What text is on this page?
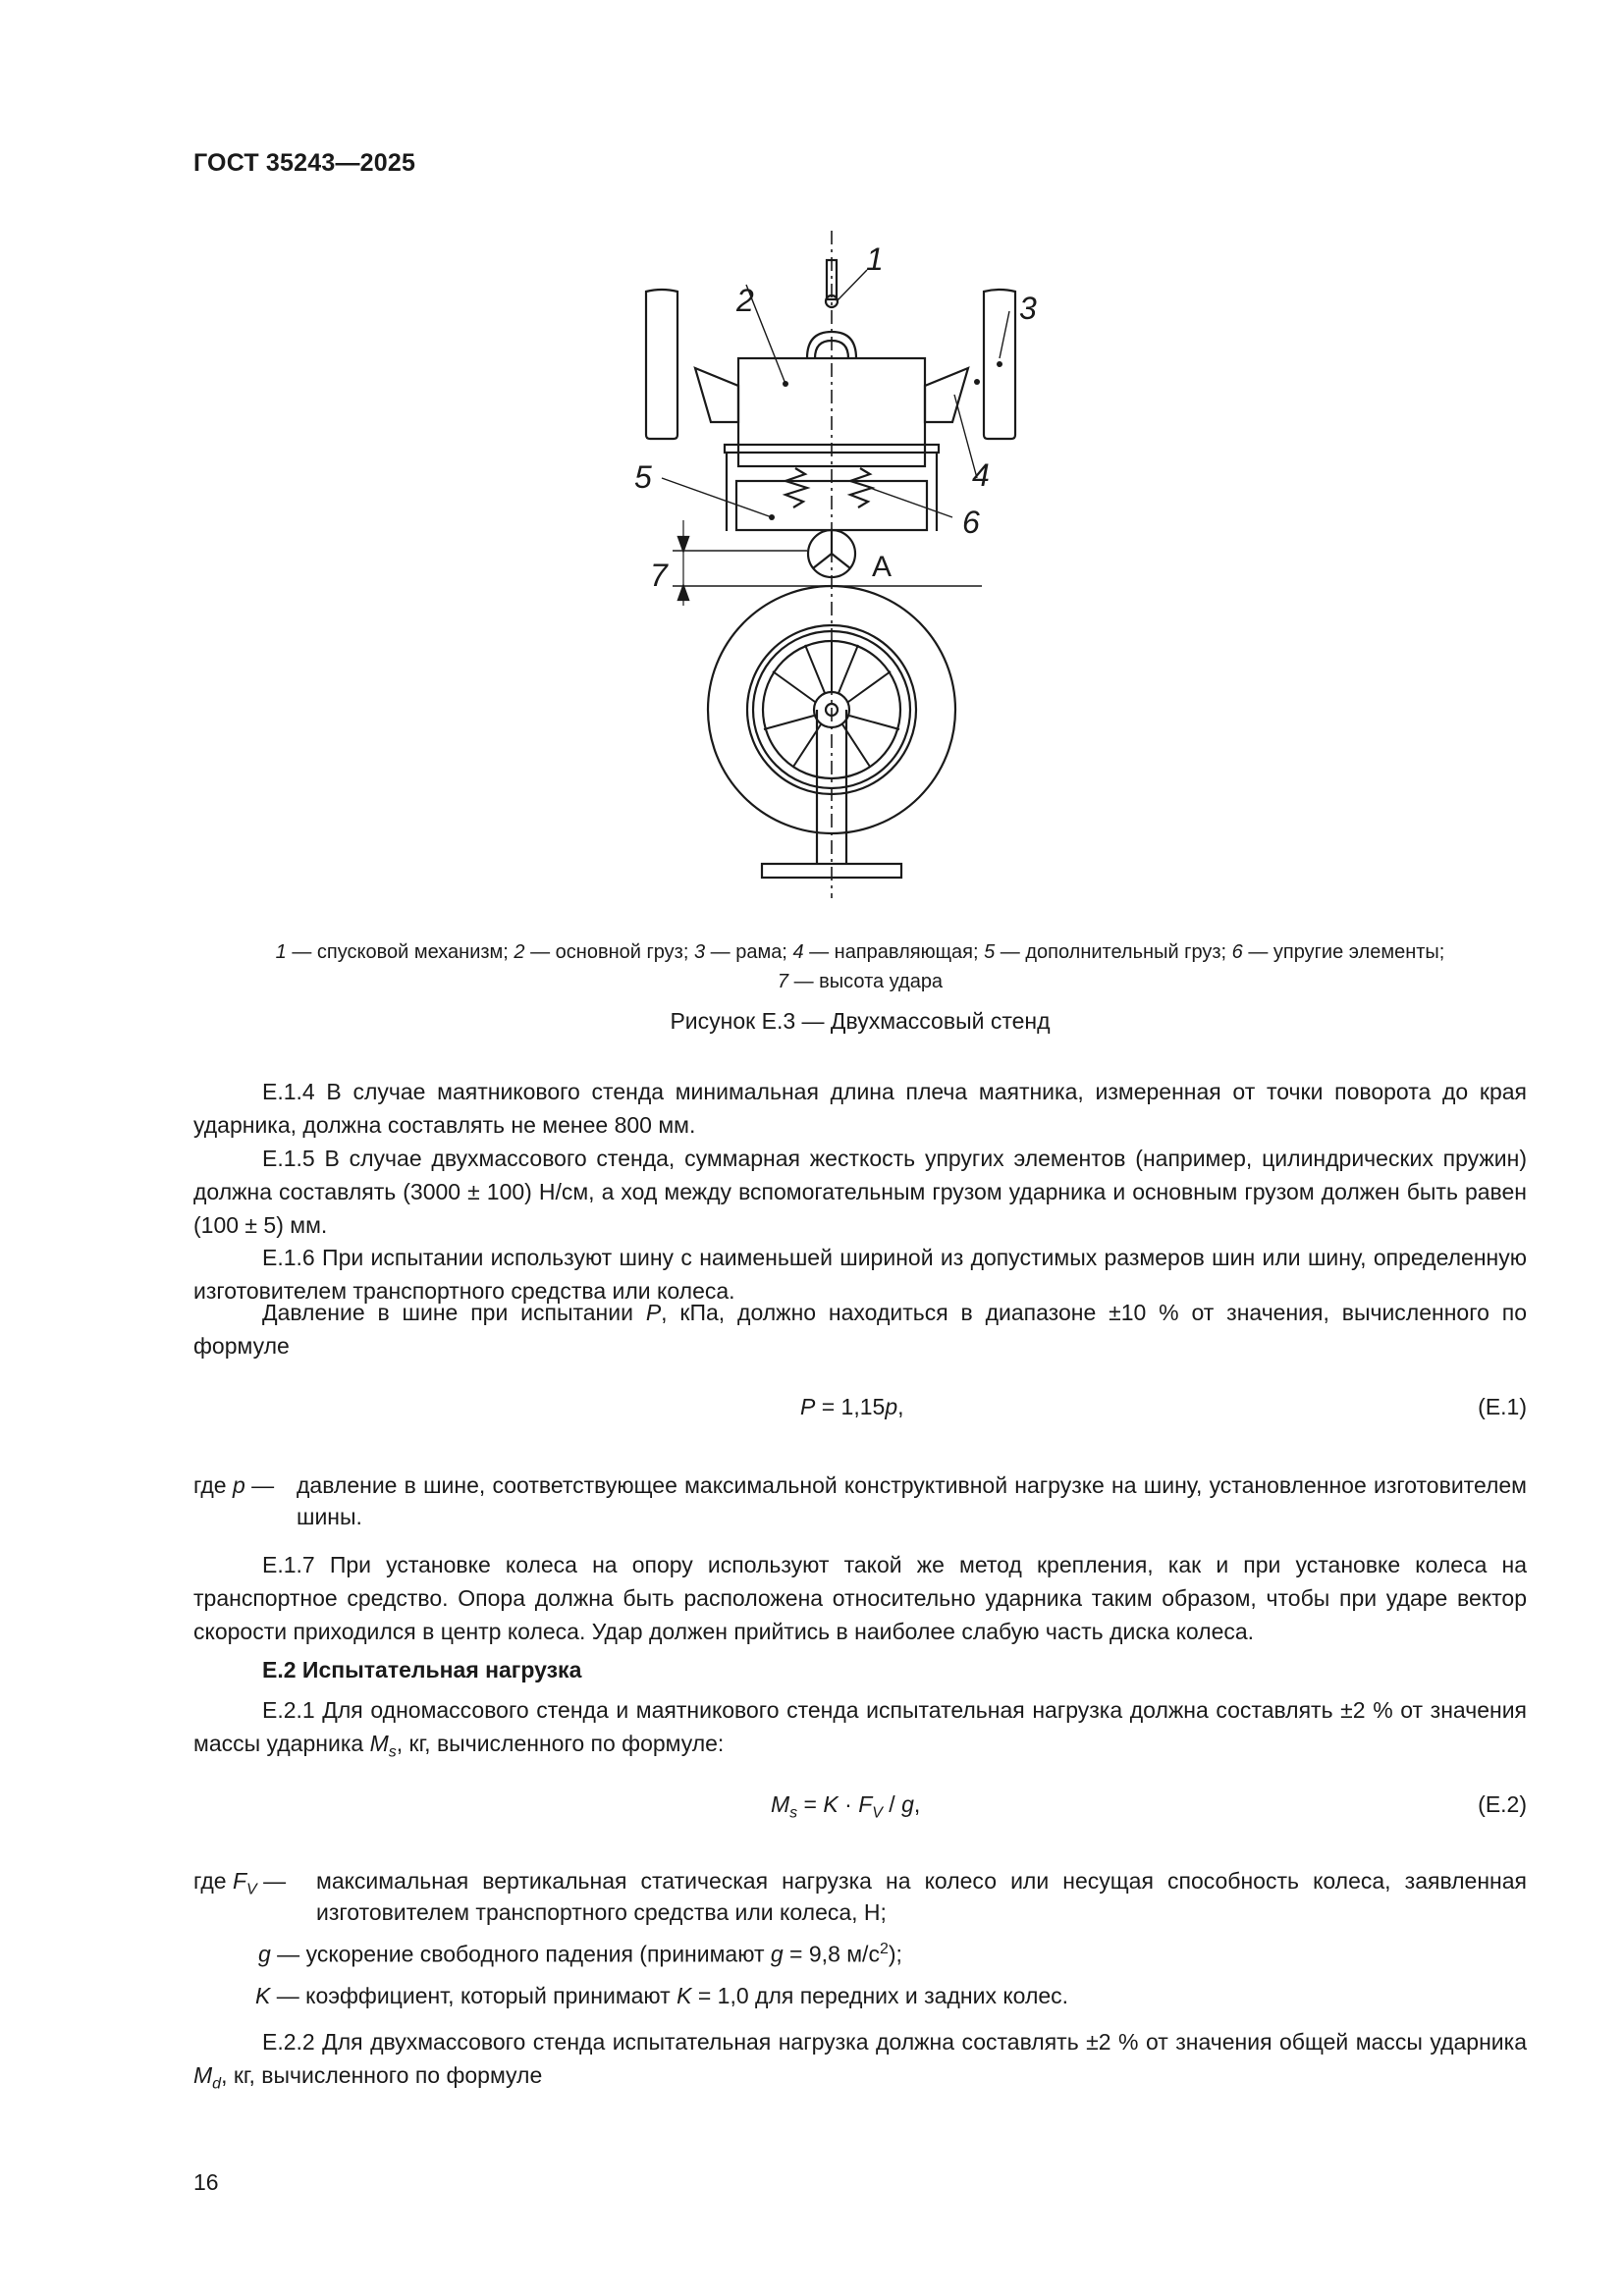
ГОСТ 35243—2025
1
2	3
4
5
6
7	A
1 — спусковой механизм; 2 — основной груз; 3 — рама; 4 — направляющая; 5 — дополнительный груз; 6 — упругие элементы;
7 — высота удара
Рисунок Е.3 — Двухмассовый стенд
Е.1.4 В случае маятникового стенда минимальная длина плеча маятника, измеренная от точки поворота до края ударника, должна составлять не менее 800 мм.
Е.1.5 В случае двухмассового стенда, суммарная жесткость упругих элементов (например, цилиндрических пружин) должна составлять (3000 ± 100) Н/см, а ход между вспомогательным грузом ударника и основным грузом должен быть равен (100 ± 5) мм.
Е.1.6 При испытании используют шину с наименьшей шириной из допустимых размеров шин или шину, определенную изготовителем транспортного средства или колеса.
Давление в шине при испытании P, кПа, должно находиться в диапазоне ±10 % от значения, вычисленного по формуле
P = 1,15p,	(Е.1)
где p — давление в шине, соответствующее максимальной конструктивной нагрузке на шину, установленное изготовителем шины.
Е.1.7 При установке колеса на опору используют такой же метод крепления, как и при установке колеса на транспортное средство. Опора должна быть расположена относительно ударника таким образом, чтобы при ударе вектор скорости приходился в центр колеса. Удар должен прийтись в наиболее слабую часть диска колеса.
Е.2 Испытательная нагрузка
Е.2.1 Для одномассового стенда и маятникового стенда испытательная нагрузка должна составлять ±2 % от значения массы ударника $M_s$, кг, вычисленного по формуле:
$M_s = K \cdot F_V / g$,	(Е.2)
где $F_V$ — максимальная вертикальная статическая нагрузка на колесо или несущая способность колеса, заявленная изготовителем транспортного средства или колеса, Н;
g — ускорение свободного падения (принимают g = 9,8 $м/с^2$);
K — коэффициент, который принимают K = 1,0 для передних и задних колес.
Е.2.2 Для двухмассового стенда испытательная нагрузка должна составлять ±2 % от значения общей массы ударника $M_d$, кг, вычисленного по формуле
16
